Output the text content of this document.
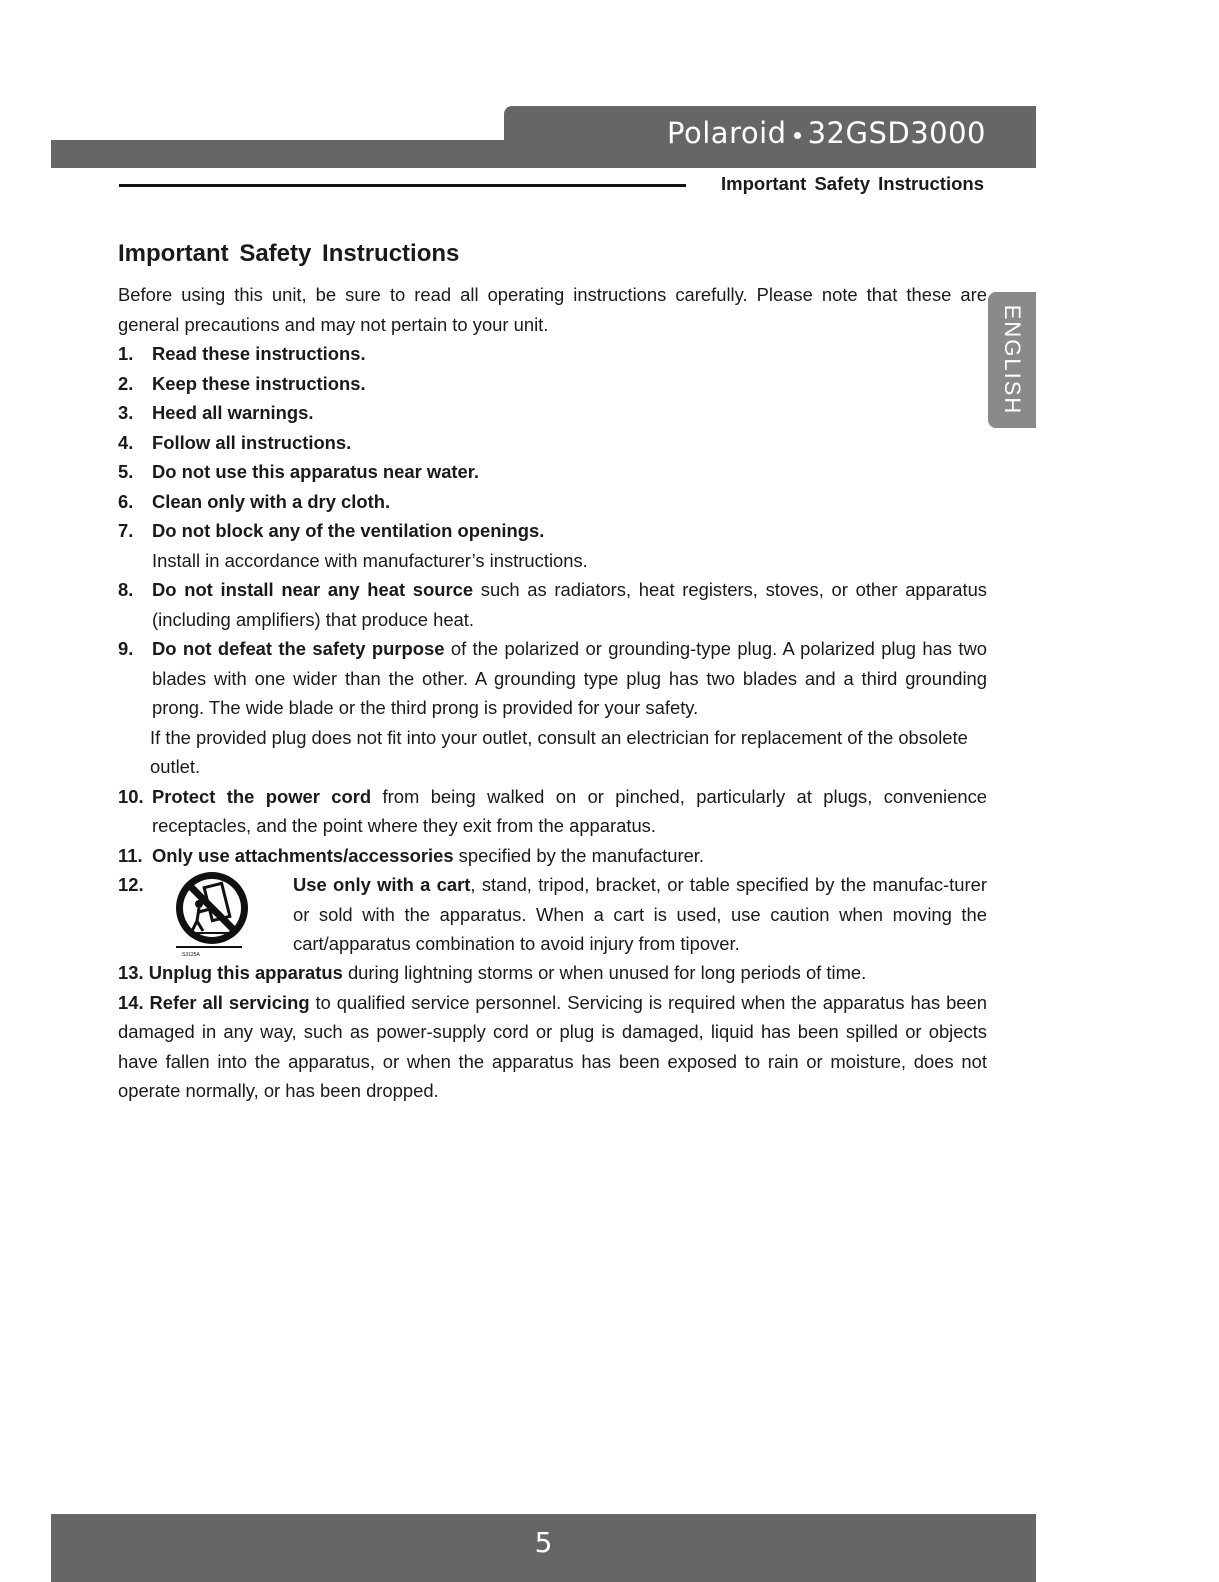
Polaroid 32GSD3000
Important Safety Instructions
ENGLISH
Important Safety Instructions

Before using this unit, be sure to read all operating instructions carefully. Please note that these are general precautions and may not pertain to your unit.

1. Read these instructions.

2. Keep these instructions.

3. Heed all warnings.

4. Follow all instructions.

5. Do not use this apparatus near water.

6. Clean only with a dry cloth.

7. Do not block any of the ventilation openings.
Install in accordance with manufacturer’s instructions.

8. Do not install near any heat source such as radiators, heat registers, stoves, or other apparatus (including amplifiers) that produce heat.

9. Do not defeat the safety purpose of the polarized or grounding-type plug. A polarized plug has two blades with one wider than the other. A grounding type plug has two blades and a third grounding prong. The wide blade or the third prong is provided for your safety.

If the provided plug does not fit into your outlet, consult an electrician for replacement of the obsolete outlet.

10. Protect the power cord from being walked on or pinched, particularly at plugs, convenience receptacles, and the point where they exit from the apparatus.

11. Only use attachments/accessories specified by the manufacturer.

12.
S3125A

Use only with a cart, stand, tripod, bracket, or table specified by the manufac-turer or sold with the apparatus. When a cart is used, use caution when moving the cart/apparatus combination to avoid injury from tipover.

13. Unplug this apparatus during lightning storms or when unused for long periods of time.

14. Refer all servicing to qualified service personnel. Servicing is required when the apparatus has been damaged in any way, such as power-supply cord or plug is damaged, liquid has been spilled or objects have fallen into the apparatus, or when the apparatus has been exposed to rain or moisture, does not operate normally, or has been dropped.

5
